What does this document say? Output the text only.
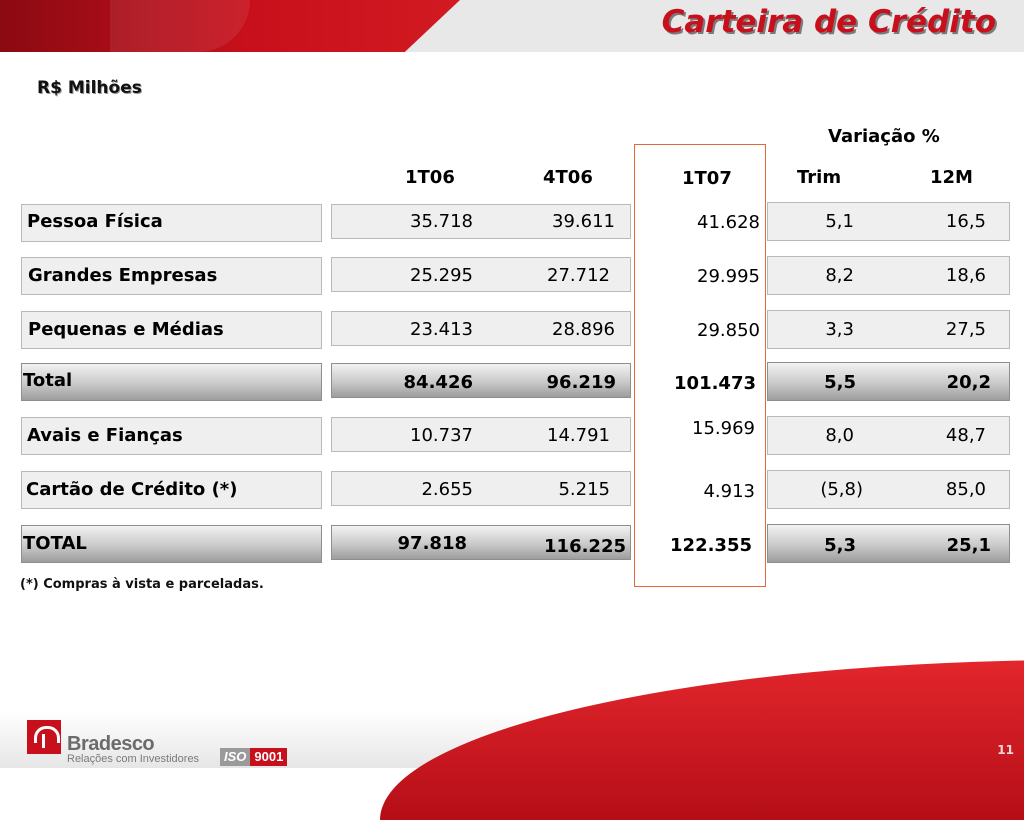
Carteira de Crédito
R$ Milhões
Variação %
1T06	4T06	1T07	Trim	12M
Pessoa Física	35.718	39.611	41.628	5,1	16,5
Grandes Empresas	25.295	27.712	29.995	8,2	18,6
Pequenas e Médias	23.413	28.896	29.850	3,3	27,5
Total	84.426	96.219	101.473	5,5	20,2
Avais e Fianças	10.737	14.791	15.969	8,0	48,7
Cartão de Crédito (*)	2.655	5.215	4.913	(5,8)	85,0
TOTAL	97.818	116.225	122.355	5,3	25,1
(*) Compras à vista e parceladas.
Bradesco
Relações com Investidores	ISO 9001	11
